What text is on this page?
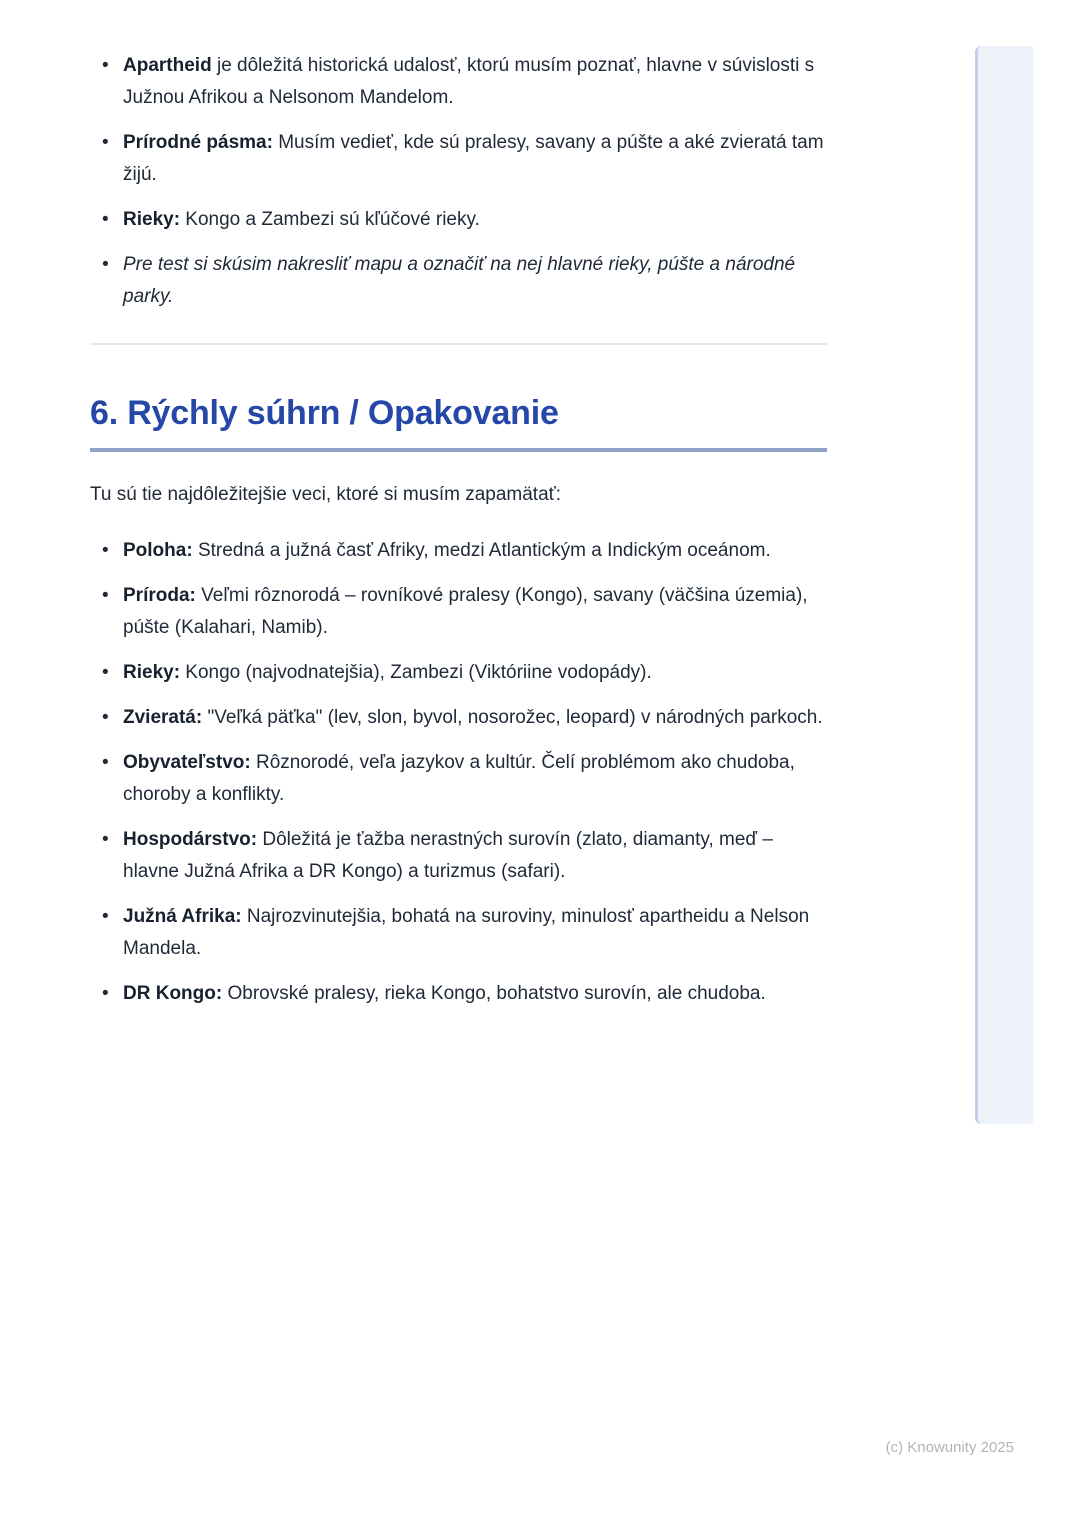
• Apartheid je dôležitá historická udalosť, ktorú musím poznať, hlavne v súvislosti s Južnou Afrikou a Nelsonom Mandelom.
• Prírodné pásma: Musím vedieť, kde sú pralesy, savany a púšte a aké zvieratá tam žijú.
• Rieky: Kongo a Zambezi sú kľúčové rieky.
• Pre test si skúsim nakresliť mapu a označiť na nej hlavné rieky, púšte a národné parky.
6. Rýchly súhrn / Opakovanie

Tu sú tie najdôležitejšie veci, ktoré si musím zapamätať:

• Poloha: Stredná a južná časť Afriky, medzi Atlantickým a Indickým oceánom.
• Príroda: Veľmi rôznorodá – rovníkové pralesy (Kongo), savany (väčšina územia), púšte (Kalahari, Namib).
• Rieky: Kongo (najvodnatejšia), Zambezi (Viktóriine vodopády).
• Zvieratá: "Veľká päťka" (lev, slon, byvol, nosorožec, leopard) v národných parkoch.
• Obyvateľstvo: Rôznorodé, veľa jazykov a kultúr. Čelí problémom ako chudoba, choroby a konflikty.
• Hospodárstvo: Dôležitá je ťažba nerastných surovín (zlato, diamanty, meď – hlavne Južná Afrika a DR Kongo) a turizmus (safari).
• Južná Afrika: Najrozvinutejšia, bohatá na suroviny, minulosť apartheidu a Nelson Mandela.
• DR Kongo: Obrovské pralesy, rieka Kongo, bohatstvo surovín, ale chudoba.
(c) Knowunity 2025
